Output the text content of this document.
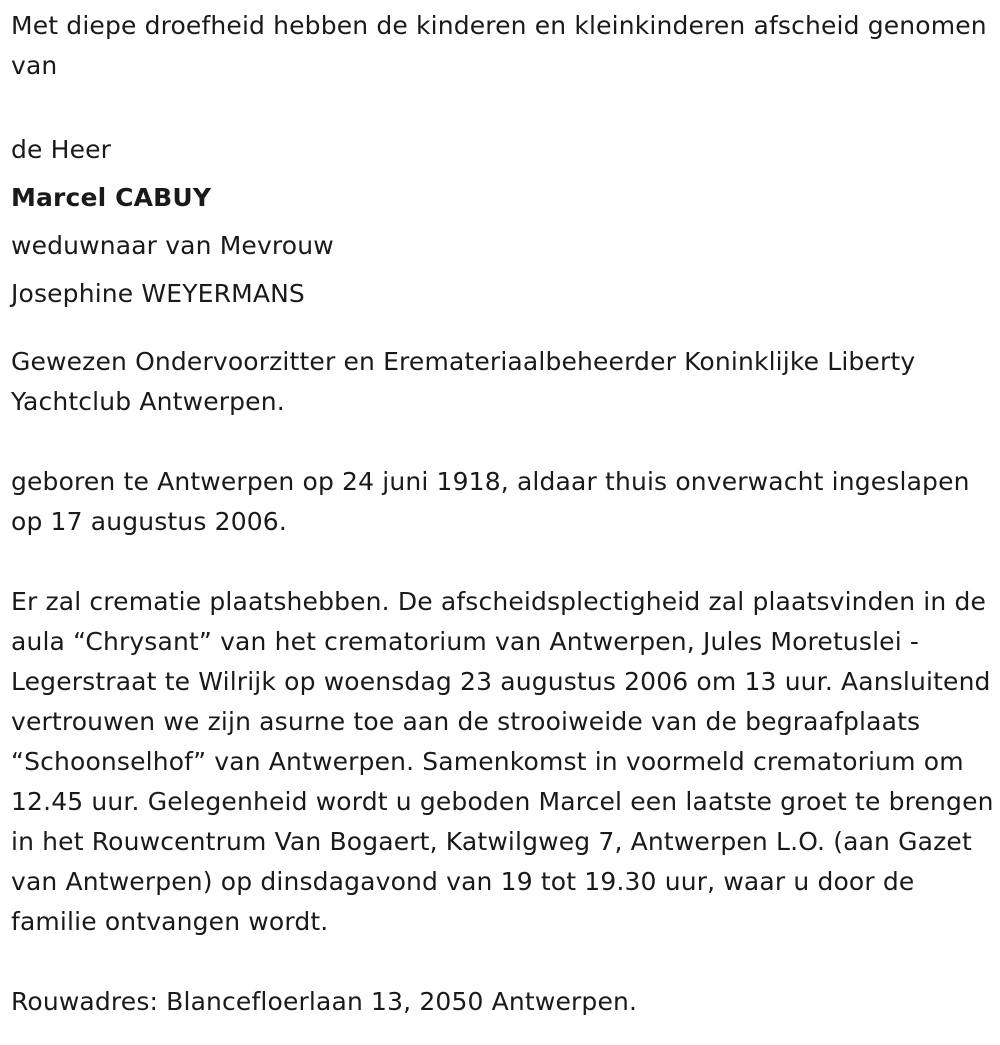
Met diepe droefheid hebben de kinderen en kleinkinderen afscheid genomen van

de Heer

Marcel CABUY

weduwnaar van Mevrouw

Josephine WEYERMANS

Gewezen Ondervoorzitter en Eremateriaalbeheerder Koninklijke Liberty Yachtclub Antwerpen.

geboren te Antwerpen op 24 juni 1918, aldaar thuis onverwacht ingeslapen op 17 augustus 2006.

Er zal crematie plaatshebben. De afscheidsplectigheid zal plaatsvinden in de aula “Chrysant” van het crematorium van Antwerpen, Jules Moretuslei - Legerstraat te Wilrijk op woensdag 23 augustus 2006 om 13 uur. Aansluitend vertrouwen we zijn asurne toe aan de strooiweide van de begraafplaats “Schoonselhof” van Antwerpen. Samenkomst in voormeld crematorium om 12.45 uur. Gelegenheid wordt u geboden Marcel een laatste groet te brengen in het Rouwcentrum Van Bogaert, Katwilgweg 7, Antwerpen L.O. (aan Gazet van Antwerpen) op dinsdagavond van 19 tot 19.30 uur, waar u door de familie ontvangen wordt.

Rouwadres: Blancefloerlaan 13, 2050 Antwerpen.
